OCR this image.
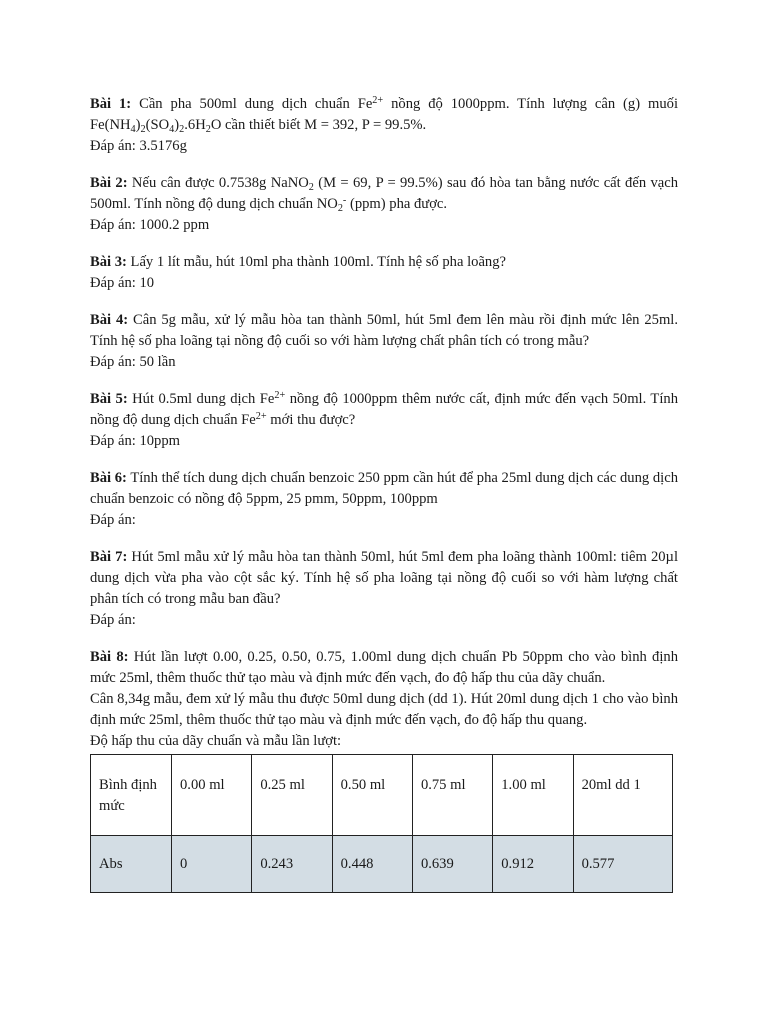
Bài 1: Cần pha 500ml dung dịch chuẩn $Fe^{2+}$ nồng độ 1000ppm. Tính lượng cân (g) muối $Fe(NH_4)_2(SO_4)_2.6H_2O$ cần thiết biết M = 392, P = 99.5%.

Đáp án: 3.5176g

Bài 2: Nếu cân được 0.7538g NaNO$_2$ (M = 69, P = 99.5%) sau đó hòa tan bằng nước cất đến vạch 500ml. Tính nồng độ dung dịch chuẩn $NO_2^-$ (ppm) pha được.

Đáp án: 1000.2 ppm

Bài 3: Lấy 1 lít mẫu, hút 10ml pha thành 100ml. Tính hệ số pha loãng?

Đáp án: 10

Bài 4: Cân 5g mẫu, xử lý mẫu hòa tan thành 50ml, hút 5ml đem lên màu rồi định mức lên 25ml. Tính hệ số pha loãng tại nồng độ cuối so với hàm lượng chất phân tích có trong mẫu?

Đáp án: 50 lần

Bài 5: Hút 0.5ml dung dịch $Fe^{2+}$ nồng độ 1000ppm thêm nước cất, định mức đến vạch 50ml. Tính nồng độ dung dịch chuẩn $Fe^{2+}$ mới thu được?

Đáp án: 10ppm

Bài 6: Tính thể tích dung dịch chuẩn benzoic 250 ppm cần hút để pha 25ml dung dịch các dung dịch chuẩn benzoic có nồng độ 5ppm, 25 pmm, 50ppm, 100ppm

Đáp án:

Bài 7: Hút 5ml mẫu xử lý mẫu hòa tan thành 50ml, hút 5ml đem pha loãng thành 100ml: tiêm 20µl dung dịch vừa pha vào cột sắc ký. Tính hệ số pha loãng tại nồng độ cuối so với hàm lượng chất phân tích có trong mẫu ban đầu?

Đáp án:

Bài 8: Hút lần lượt 0.00, 0.25, 0.50, 0.75, 1.00ml dung dịch chuẩn Pb 50ppm cho vào bình định mức 25ml, thêm thuốc thử tạo màu và định mức đến vạch, đo độ hấp thu của dãy chuẩn.

Cân 8,34g mẫu, đem xử lý mẫu thu được 50ml dung dịch (dd 1). Hút 20ml dung dịch 1 cho vào bình định mức 25ml, thêm thuốc thử tạo màu và định mức đến vạch, đo độ hấp thu quang.

Độ hấp thu của dãy chuẩn và mẫu lần lượt:

Bình định mức	0.00 ml	0.25 ml	0.50 ml	0.75 ml	1.00 ml	20ml dd 1
Abs	0	0.243	0.448	0.639	0.912	0.577
